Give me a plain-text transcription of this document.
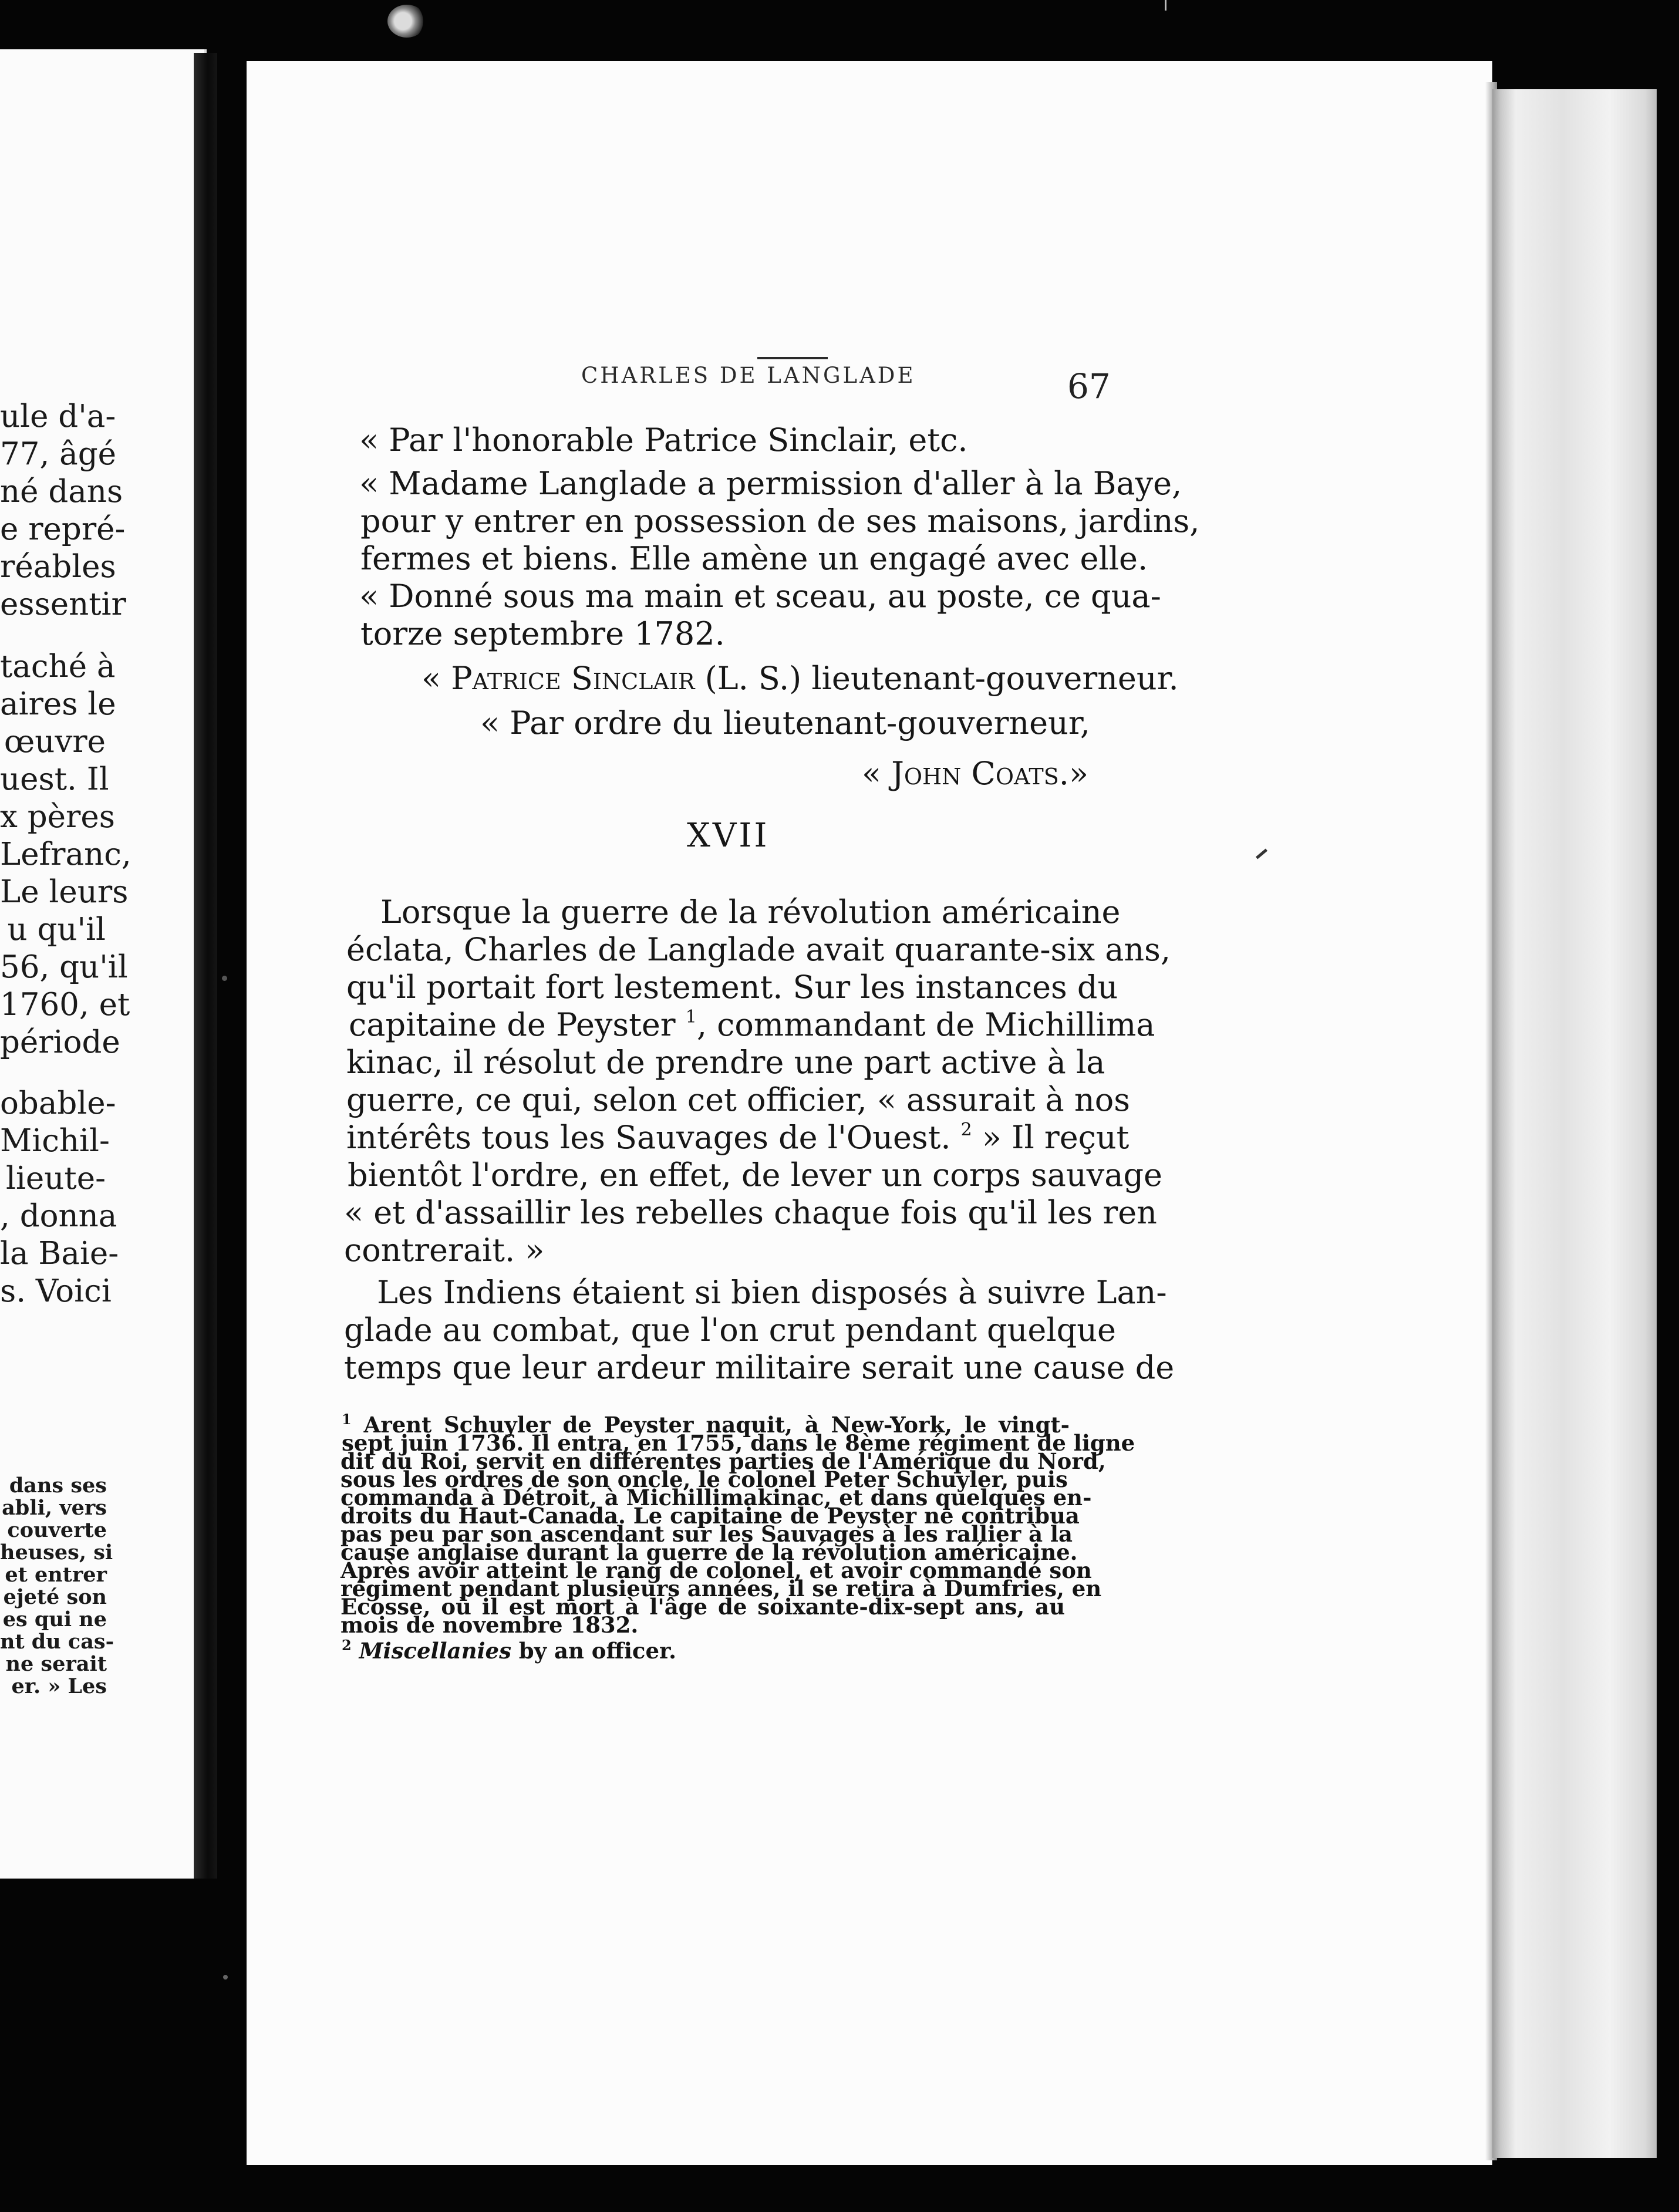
ule d'a-
77, âgé
né dans
e repré-
réables
essentir
taché à
aires le
œuvre
uest. Il
x pères
Lefranc,
Le leurs
u qu'il
56, qu'il
1760, et
période
obable-
Michil-
lieute-
, donna
la Baie-
s. Voici
dans ses
abli, vers
couverte
heuses, si
et entrer
ejeté son
es qui ne
nt du cas-
ne serait
er. » Les
CHARLES DE LANGLADE	67
« Par l'honorable Patrice Sinclair, etc.
« Madame Langlade a permission d'aller à la Baye,
pour y entrer en possession de ses maisons, jardins,
fermes et biens. Elle amène un engagé avec elle.
« Donné sous ma main et sceau, au poste, ce qua-
torze septembre 1782.
« Patrice Sinclair (L. S.) lieutenant-gouverneur.
« Par ordre du lieutenant-gouverneur,
« John Coats.»
XVII
Lorsque la guerre de la révolution américaine
éclata, Charles de Langlade avait quarante-six ans,
qu'il portait fort lestement. Sur les instances du
capitaine de Peyster $^1$, commandant de Michillima
kinac, il résolut de prendre une part active à la
guerre, ce qui, selon cet officier, « assurait à nos
intérêts tous les Sauvages de l'Ouest. $^2$ » Il reçut
bientôt l'ordre, en effet, de lever un corps sauvage
« et d'assaillir les rebelles chaque fois qu'il les ren
contrerait. »
Les Indiens étaient si bien disposés à suivre Lan-
glade au combat, que l'on crut pendant quelque
temps que leur ardeur militaire serait une cause de
$^1$ Arent Schuyler de Peyster naquit, à New-York, le vingt-
sept juin 1736. Il entra, en 1755, dans le 8ème régiment de ligne
dit du Roi, servit en différentes parties de l'Amérique du Nord,
sous les ordres de son oncle, le colonel Peter Schuyler, puis
commanda à Détroit, à Michillimakinac, et dans quelques en-
droits du Haut-Canada. Le capitaine de Peyster ne contribua
pas peu par son ascendant sur les Sauvages à les rallier à la
cause anglaise durant la guerre de la révolution américaine.
Après avoir atteint le rang de colonel, et avoir commandé son
régiment pendant plusieurs années, il se retira à Dumfries, en
Ecosse, où il est mort à l'âge de soixante-dix-sept ans, au
mois de novembre 1832.
$^2$ Miscellanies by an officer.
